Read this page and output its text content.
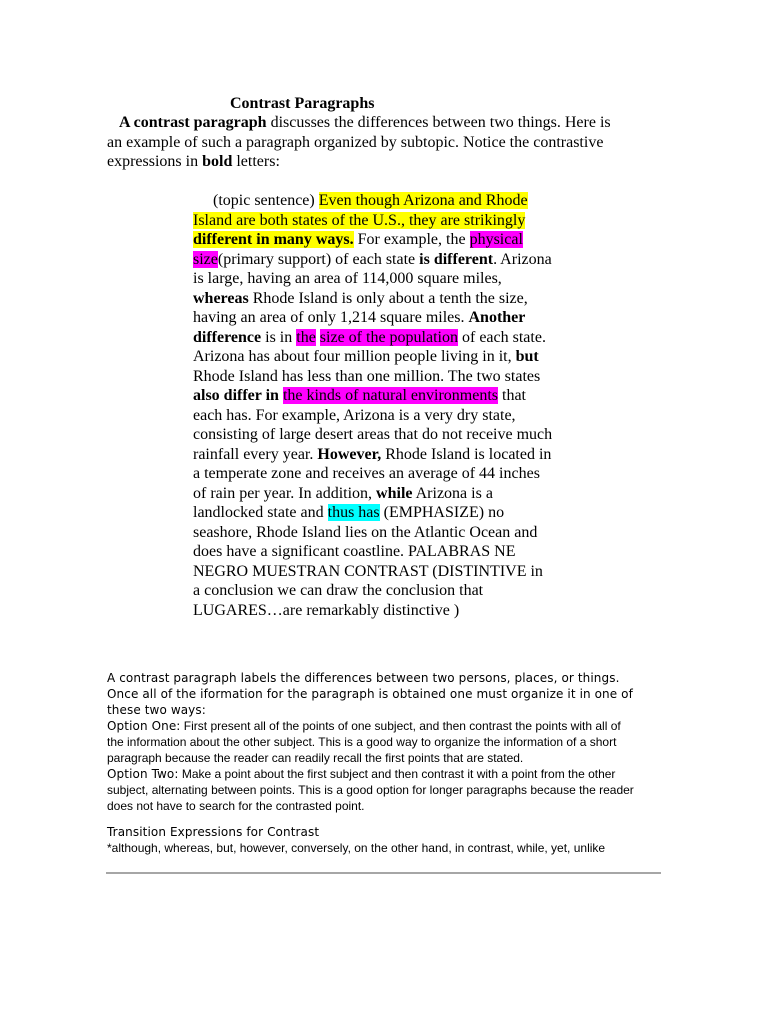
Contrast Paragraphs
A contrast paragraph discusses the differences between two things. Here is
an example of such a paragraph organized by subtopic. Notice the contrastive
expressions in bold letters:
(topic sentence) Even though Arizona and Rhode
Island are both states of the U.S., they are strikingly
different in many ways. For example, the physical
size(primary support) of each state is different. Arizona
is large, having an area of 114,000 square miles,
whereas Rhode Island is only about a tenth the size,
having an area of only 1,214 square miles. Another
difference is in the size of the population of each state.
Arizona has about four million people living in it, but
Rhode Island has less than one million. The two states
also differ in the kinds of natural environments that
each has. For example, Arizona is a very dry state,
consisting of large desert areas that do not receive much
rainfall every year. However, Rhode Island is located in
a temperate zone and receives an average of 44 inches
of rain per year. In addition, while Arizona is a
landlocked state and thus has (EMPHASIZE) no
seashore, Rhode Island lies on the Atlantic Ocean and
does have a significant coastline. PALABRAS NE
NEGRO MUESTRAN CONTRAST (DISTINTIVE in
a conclusion we can draw the conclusion that
LUGARES…are remarkably distinctive )
A contrast paragraph labels the differences between two persons, places, or things.
Once all of the iformation for the paragraph is obtained one must organize it in one of
these two ways:
Option One: First present all of the points of one subject, and then contrast the points with all of
the information about the other subject. This is a good way to organize the information of a short
paragraph because the reader can readily recall the first points that are stated.
Option Two: Make a point about the first subject and then contrast it with a point from the other
subject, alternating between points. This is a good option for longer paragraphs because the reader
does not have to search for the contrasted point.
Transition Expressions for Contrast
*although, whereas, but, however, conversely, on the other hand, in contrast, while, yet, unlike
